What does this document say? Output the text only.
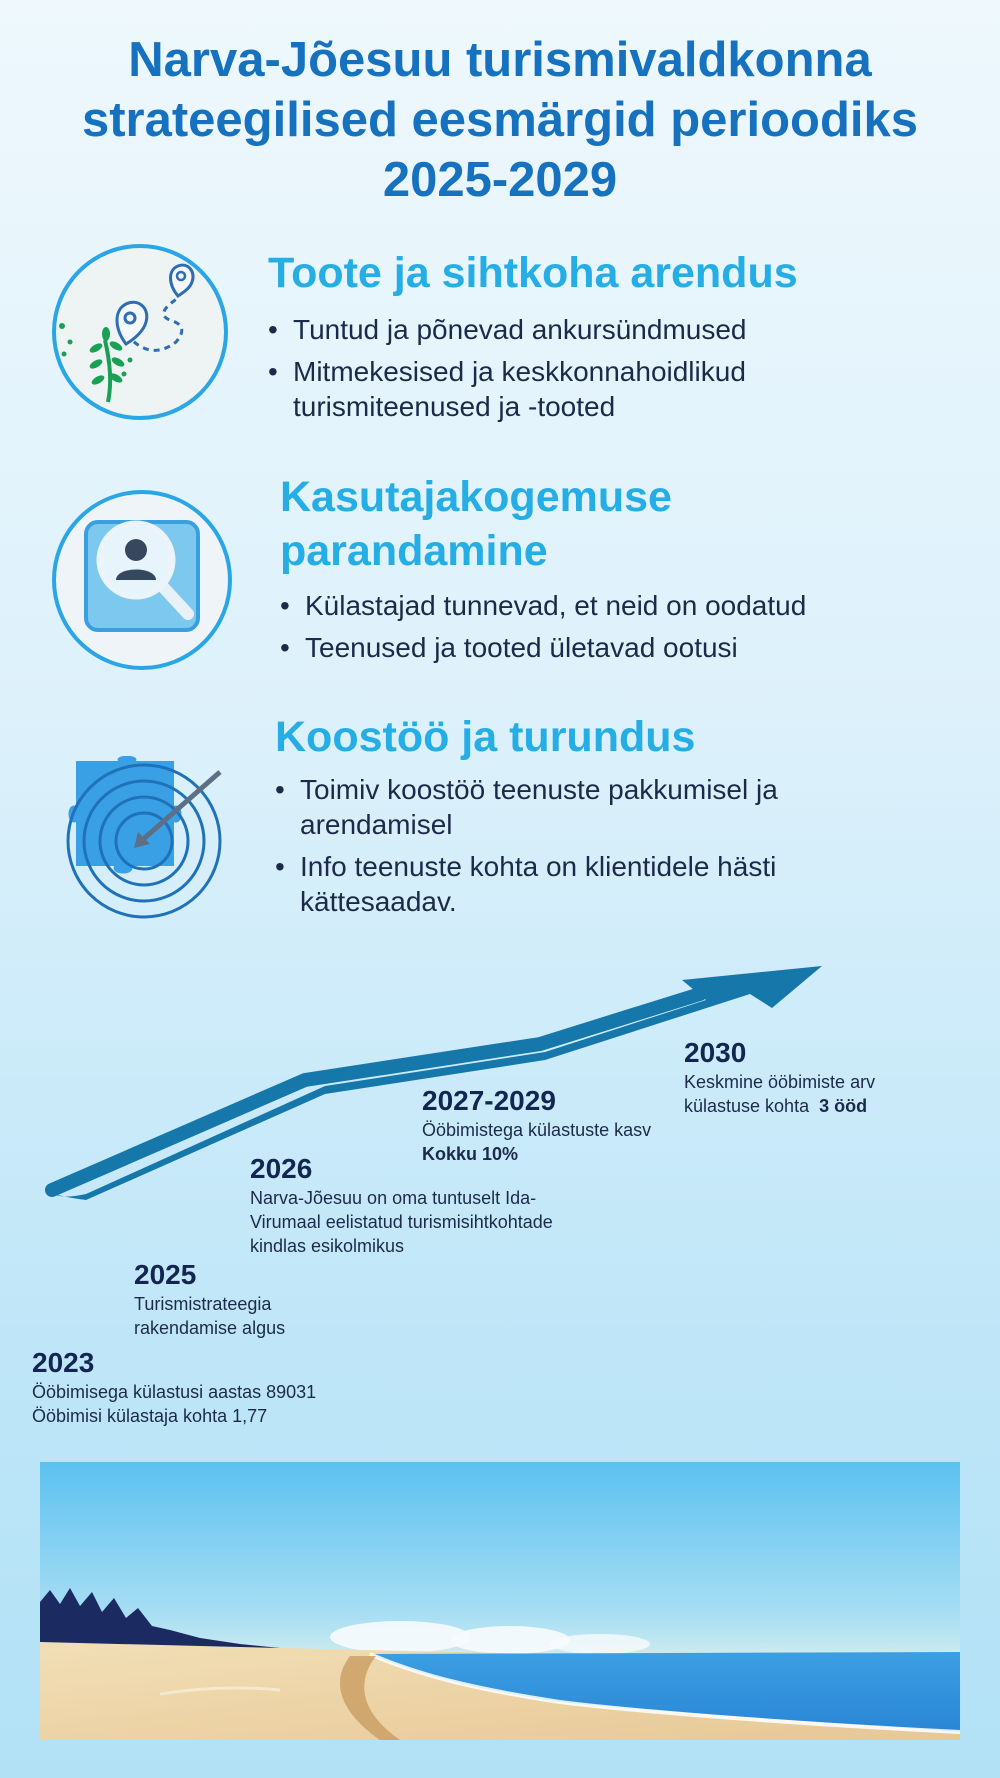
Narva-Jõesuu turismivaldkonna strateegilised eesmärgid perioodiks 2025-2029
Toote ja sihtkoha arendus
• Tuntud ja põnevad ankursündmused
• Mitmekesised ja keskkonnahoidlikud turismiteenused ja -tooted
Kasutajakogemuse parandamine
• Külastajad tunnevad, et neid on oodatud
• Teenused ja tooted ületavad ootusi
Koostöö ja turundus
• Toimiv koostöö teenuste pakkumisel ja arendamisel
• Info teenuste kohta on klientidele hästi kättesaadav.
2023
Ööbimisega külastusi aastas 89031
Ööbimisi külastaja kohta 1,77
2025
Turismistrateegia
rakendamise algus
2026
Narva-Jõesuu on oma tuntuselt Ida-
Virumaal eelistatud turismisihtkohtade
kindlas esikolmikus
2027-2029
Ööbimistega külastuste kasv
Kokku 10%
2030
Keskmine ööbimiste arv
külastuse kohta 3 ööd
